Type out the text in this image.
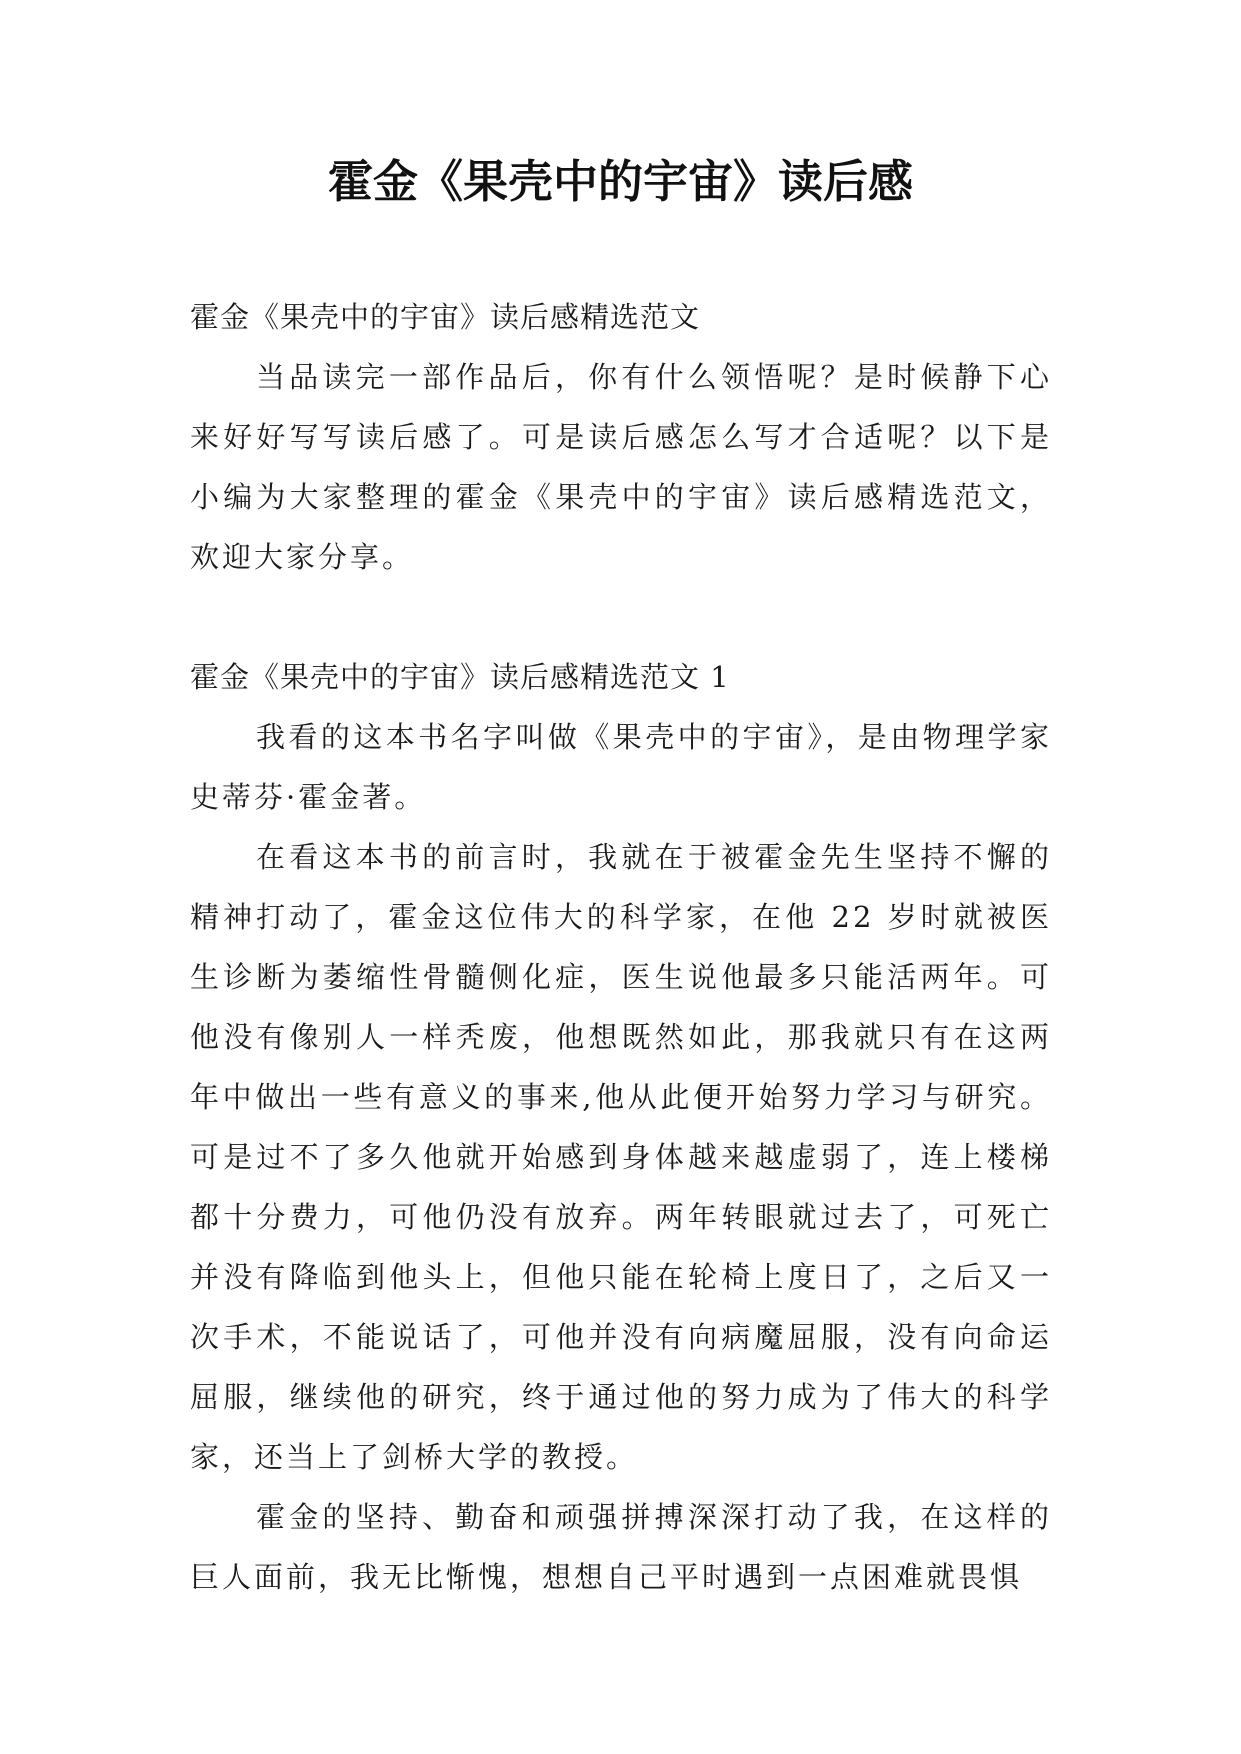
霍金《果壳中的宇宙》读后感

霍金《果壳中的宇宙》读后感精选范文

当品读完一部作品后，你有什么领悟呢？是时候静下心来好好写写读后感了。可是读后感怎么写才合适呢？以下是小编为大家整理的霍金《果壳中的宇宙》读后感精选范文，欢迎大家分享。

霍金《果壳中的宇宙》读后感精选范文 1

我看的这本书名字叫做《果壳中的宇宙》，是由物理学家史蒂芬·霍金著。

在看这本书的前言时，我就在于被霍金先生坚持不懈的精神打动了，霍金这位伟大的科学家，在他 22 岁时就被医生诊断为萎缩性骨髓侧化症，医生说他最多只能活两年。可他没有像别人一样秃废，他想既然如此，那我就只有在这两年中做出一些有意义的事来,他从此便开始努力学习与研究。可是过不了多久他就开始感到身体越来越虚弱了，连上楼梯都十分费力，可他仍没有放弃。两年转眼就过去了，可死亡并没有降临到他头上，但他只能在轮椅上度日了，之后又一次手术，不能说话了，可他并没有向病魔屈服，没有向命运屈服，继续他的研究，终于通过他的努力成为了伟大的科学家，还当上了剑桥大学的教授。

霍金的坚持、勤奋和顽强拼搏深深打动了我，在这样的巨人面前，我无比惭愧，想想自己平时遇到一点困难就畏惧
